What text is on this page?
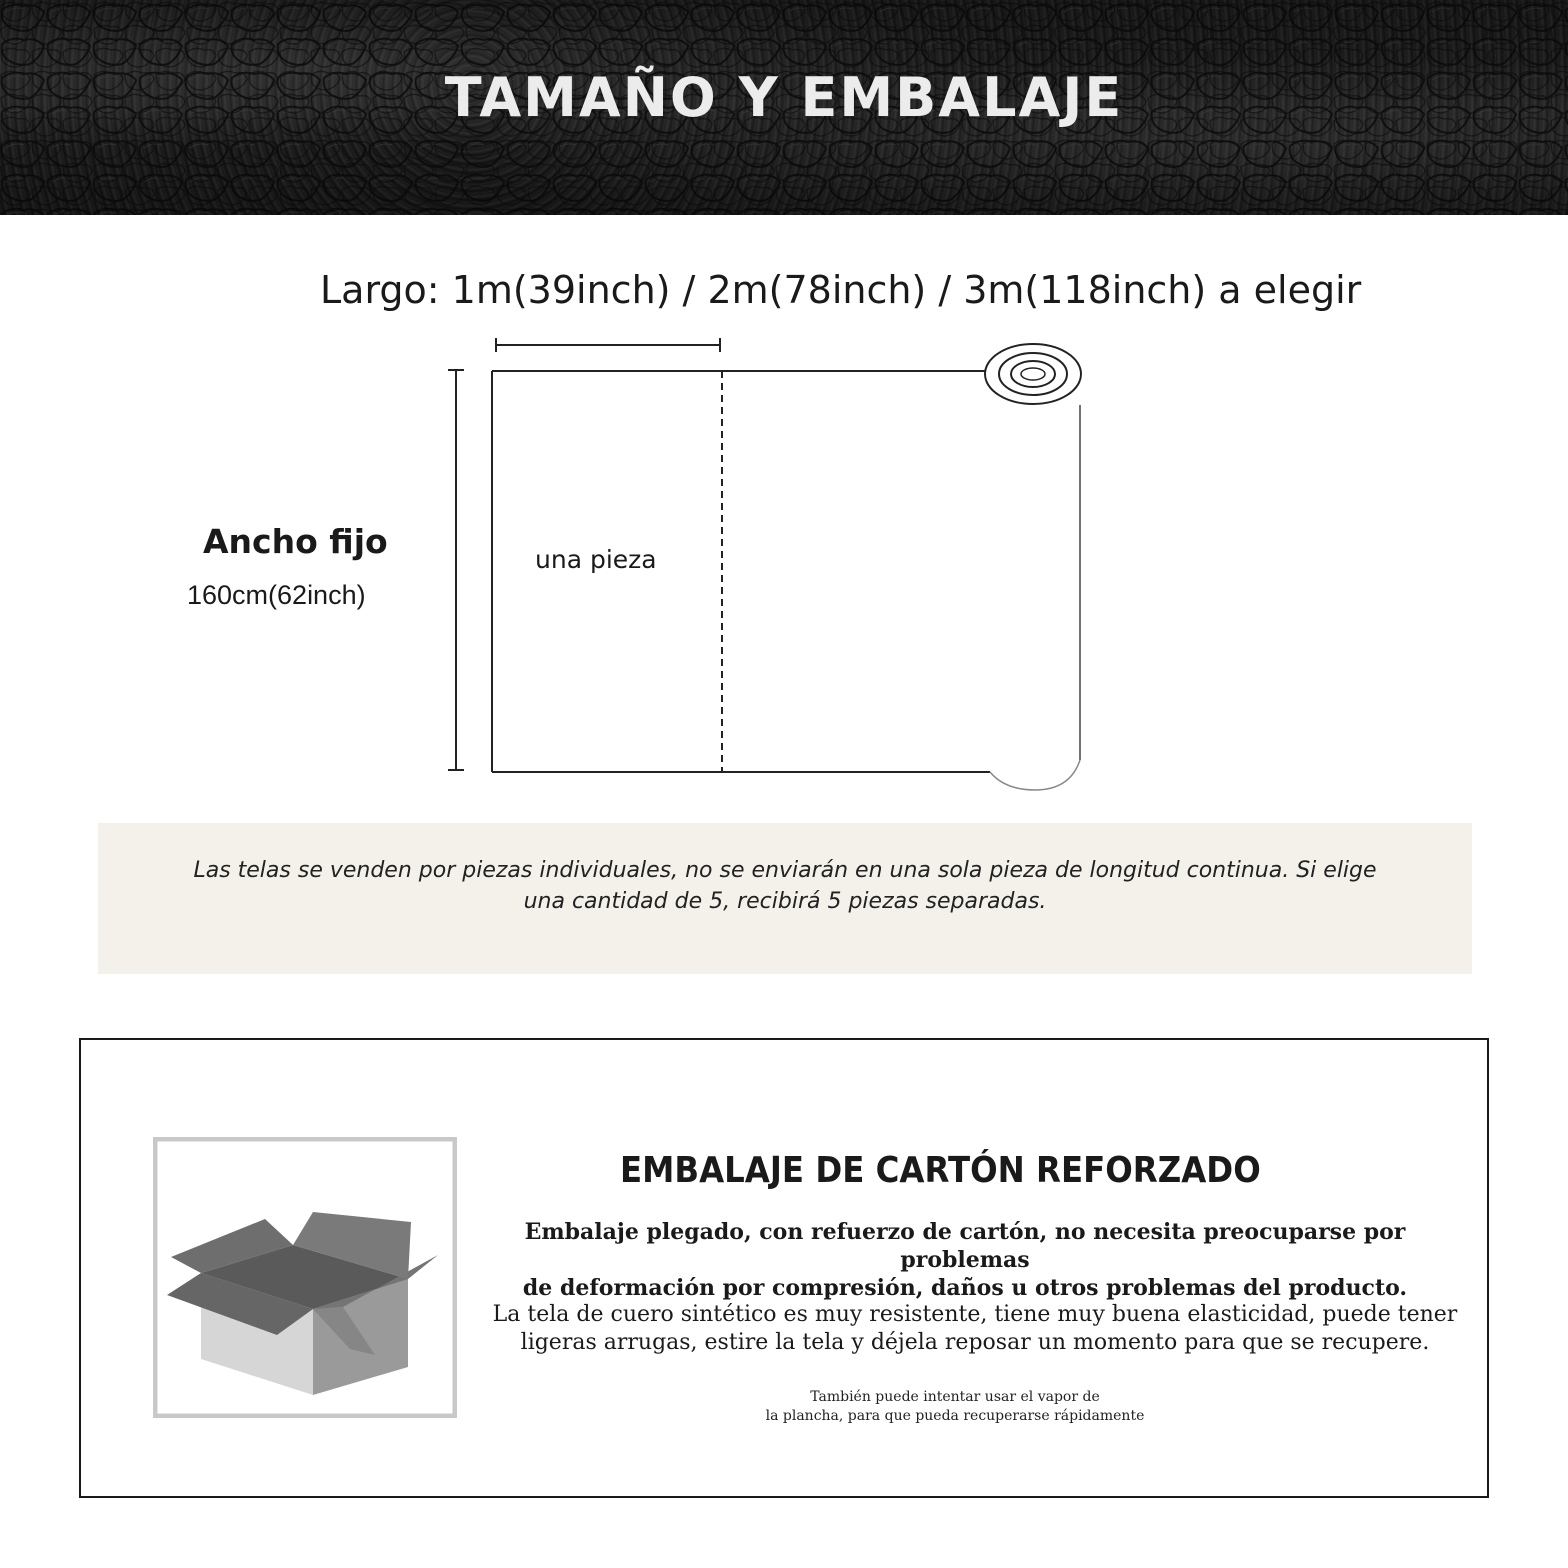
TAMAÑO Y EMBALAJE
Largo: 1m(39inch) / 2m(78inch) / 3m(118inch) a elegir
Ancho fijo
160cm(62inch)
una pieza
Las telas se venden por piezas individuales, no se enviarán en una sola pieza de longitud continua. Si elige
una cantidad de 5, recibirá 5 piezas separadas.
EMBALAJE DE CARTÓN REFORZADO
Embalaje plegado, con refuerzo de cartón, no necesita preocuparse por problemas
de deformación por compresión, daños u otros problemas del producto.
La tela de cuero sintético es muy resistente, tiene muy buena elasticidad, puede tener
ligeras arrugas, estire la tela y déjela reposar un momento para que se recupere.
También puede intentar usar el vapor de
la plancha, para que pueda recuperarse rápidamente
